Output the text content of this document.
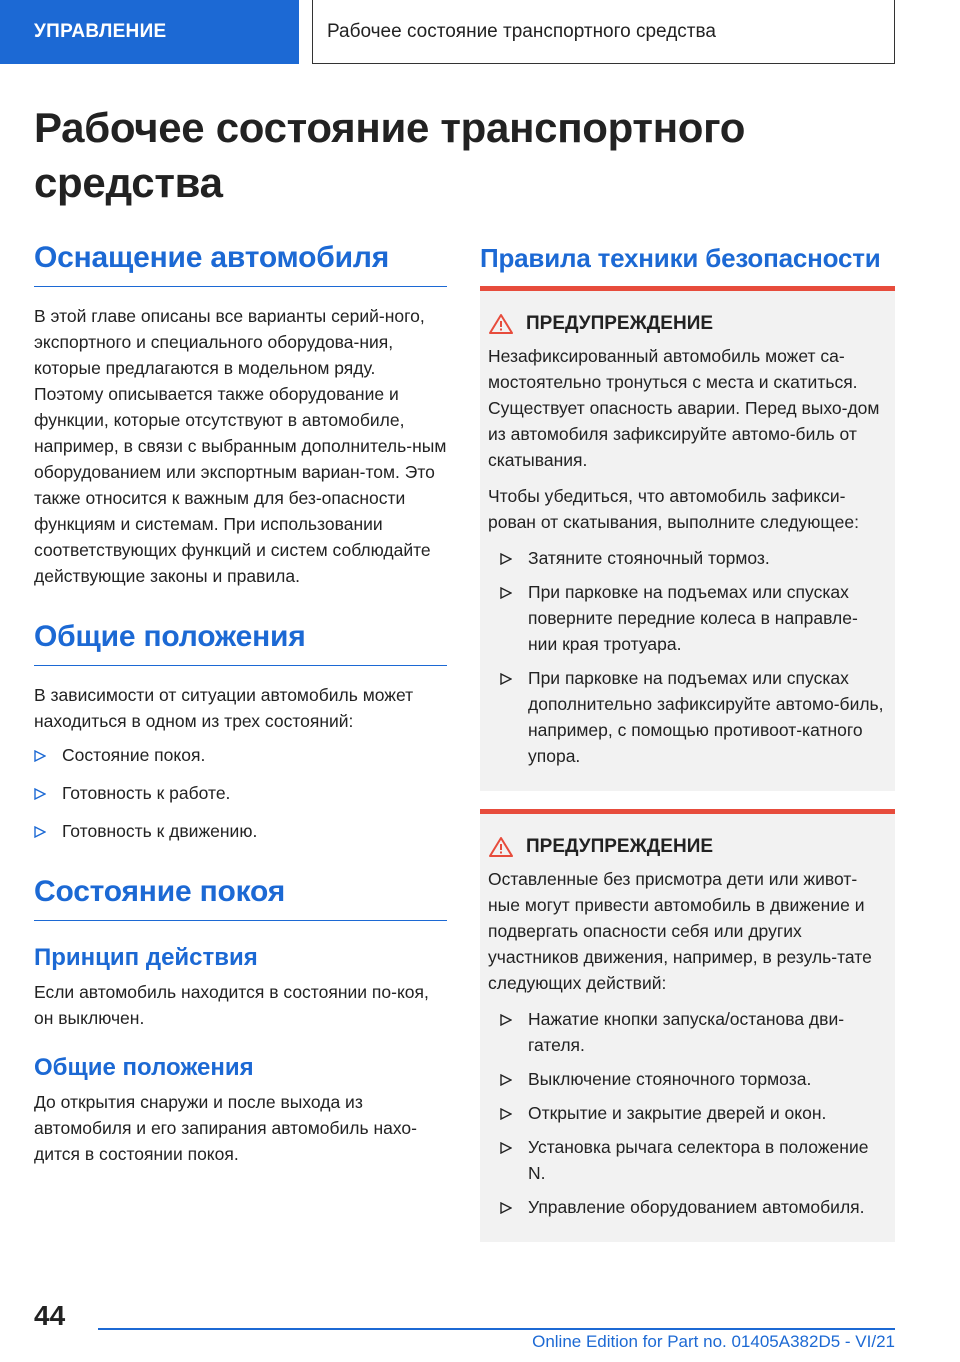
УПРАВЛЕНИЕ	Рабочее состояние транспортного средства
Рабочее состояние транспортного средства
Оснащение автомобиля
В этой главе описаны все варианты серий-ного, экспортного и специального оборудова-ния, которые предлагаются в модельном ряду. Поэтому описывается также оборудование и функции, которые отсутствуют в автомобиле, например, в связи с выбранным дополнитель-ным оборудованием или экспортным вариан-том. Это также относится к важным для без-опасности функциям и системам. При использовании соответствующих функций и систем соблюдайте действующие законы и правила.
Общие положения
В зависимости от ситуации автомобиль может находиться в одном из трех состояний:
Состояние покоя.
Готовность к работе.
Готовность к движению.
Состояние покоя
Принцип действия
Если автомобиль находится в состоянии по-коя, он выключен.
Общие положения
До открытия снаружи и после выхода из автомобиля и его запирания автомобиль нахо-дится в состоянии покоя.
Правила техники безопасности
ПРЕДУПРЕЖДЕНИЕ
Незафиксированный автомобиль может са-мостоятельно тронуться с места и скатиться. Существует опасность аварии. Перед выхо-дом из автомобиля зафиксируйте автомо-биль от скатывания.
Чтобы убедиться, что автомобиль зафикси-рован от скатывания, выполните следующее:
Затяните стояночный тормоз.
При парковке на подъемах или спусках поверните передние колеса в направле-нии края тротуара.
При парковке на подъемах или спусках дополнительно зафиксируйте автомо-биль, например, с помощью противоот-катного упора.
ПРЕДУПРЕЖДЕНИЕ
Оставленные без присмотра дети или живот-ные могут привести автомобиль в движение и подвергать опасности себя или других участников движения, например, в резуль-тате следующих действий:
Нажатие кнопки запуска/останова дви-гателя.
Выключение стояночного тормоза.
Открытие и закрытие дверей и окон.
Установка рычага селектора в положение N.
Управление оборудованием автомобиля.
44
Online Edition for Part no. 01405A382D5 - VI/21
